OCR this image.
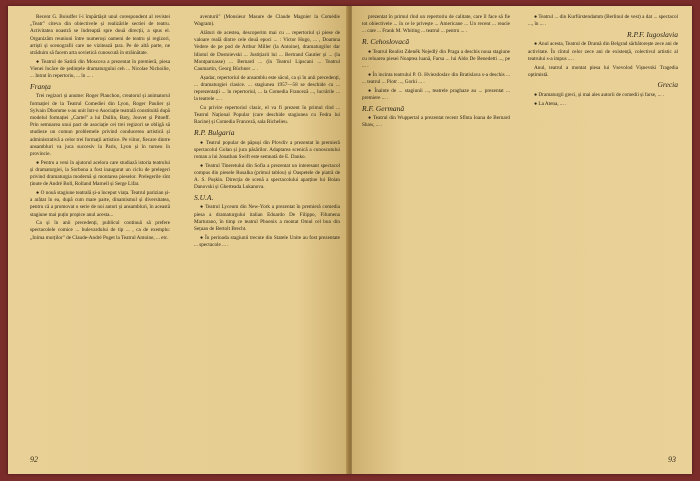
Recent G. Boisdfer î-i împărtășit unul corespondent al revistei „Teatr" citeva din obiectivele și realizările sectiei de teatru. Activitatea noastră se îndreaptă spre două direcții, a spus el. Organizăm reuniuni între numeroși oameni de teatru și regizori, artiști și scenografii care ne vizitează țara. Pe de altă parte, ne străduim să facem arta sovietică cunoscută în străinătate.

● Teatrul de Satiră din Moscova a prezentat în premieră, piesa Vienei încăce de ședințele dramaturgului ceh ... Nicolae Nichoilie, ... Intrat în repertoriu, ... în ... .

Franța

Trei regizori și anume: Roger Planchon, creatorul și animatorul formației de la Teatrul Comediei din Lyon, Roger Paulier și Sylvain Dhomme s-au unit într-o Asociație teatrală constituită după modelul formației „Cartel" a lui Dullin, Baty, Jouvet și Pitoeff. Prin semnarea unui pact de asociație cei trei regizori se obligă să studieze un comun problemele privind conducerea artistică și administrativă a celor trei formații artistice. Pe viitor, fiecare dintre ansambluri va juca succesiv la Paris, Lyon și în turneu în provincie.

● Pentru a veni în ajutorul acelora care studiază istoria teatrului și dramaturgiei, la Sorbona a fost inaugurat un ciclu de prelegeri privind dramaturgia modernă și montarea pieselor. Prelegerile sînt ținute de André Boll, Rolland Marnell și Serge Lifar.

● O nouă stagiune teatrală și-a început viața. Teatrul parizian și-a arătat în ea, după cum mare parte, dinamismul și diversitatea, pentru că a promovat o serie de noi autori și ansambluri, în această stagiune mai puțin propice anul acesta...

Ca și în anii precedenți, publicul continuă să prefere spectacolele comice ... bulevardului de tip ... , ca de exemplu: „Inima morților" de Claude-André Puget la Teatrul Antoine, ... etc.

aventurii" (Monsieur Masure de Claude Magnier la Comédie Wagram).

Alături de acestea, descoperim mai cu ... repertoriul și piese de valoare reală dintre cele două epoci ... : Victor Hugo, ... , Doamna Vedere de pe pod de Arthur Miller (la Antoine), dramaturgilor dar Idiotul de Dostoievski ... Justițiarii lui ... Bertrand Gautier și ... (la Montparnasse) ... Bernard ... (în Teatrul Lipscani ... Teatrul Caumartin, Georg Büchner ... .

Așadar, repertoriul de ansamblu este săcul, ca și în anii precedenți, ... dramaturgiei clasice. ... stagiunea 1957—58 se deschide cu ... reprezentații ... în repertoriul, ... la Comedia Franceză ..., lucrările ... la teatrele ... .

Cu privire repertoriul clasic, el va fi prezent în primul rînd ... Teatrul Național Popular (care deschide stagiunea cu Fedra lui Racine) și Comedia Franceză, sala Richelieu.

R.P. Bulgaria

● Teatrul popular de păpuși din Plovdiv a prezentat în premieră spectacolul Golan și jura păsărilor. Adaptarea scenică a cunoscutului roman a lui Jonathan Swift este semnată de E. Danko.

● Teatrul Tineretului din Sofia a prezentat un interesant spectacol compus din piesele Rusalka (primul tablou) și Oaspetele de piatră de A. S. Pușkin. Direcția de scenă a spectacolului aparține lui Boian Danovski și Gherteada Lukanova.

S.U.A.

● Teatrul Lyceum din New-York a prezentat în premieră comedia piesa a dramaturgului italian Eduardo De Filippo, Filumena Marturano, în timp ce teatrul Phoenix a montat Omul cel bun din Sețuan de Bertolt Brecht.

● În perioada stagiunii trecute din Statele Unite au fost prezentate ... spectacole ... .

92

prezentat în primul rînd un repertoriu de calitate, care îl face să fie tot obiectivele ... în ce le privește ... Americane ... Un recent ... reacie ... care ... Frank M. Whiting ... teatrul ... pentru ... .

R. Cehoslovacă

● Teatrul Realist Zdeněk Nejedlý din Praga a deschis noua stagiune cu reluarea piesei Noaptea luană, Farsa ... lui Aldo De Benedetti ..., pe ... .

● În incinta teatrului P. O. Hviezdoslav din Bratislava s-a deschis ... ... teatrul ... Piotr ..., Gorki ... .

● Înainte de ... stagiunii ..., teatrele praghaze au ... prezentat ... premiere ... .

R.F. Germană

● Teatrul din Wuppertal a prezentat recent Sfînta Ioana de Bernard Shaw, ... .

● Teatrul ... din Kurfürstendamm (Berlinul de vest) a dat ... spectacol ..., în ... .

R.P.F. Iugoslavia

● Anul acesta, Teatrul de Dramă din Belgrad sărbătorește zece ani de activitate. În cîntul celor zece ani de existență, colectivul artistic al teatrului s-a impus ... .

Anul, teatrul a montat piesa lui Vsevolod Vișnevski Tragedia optimistă.

Grecia

● Dramaturgii greci, și mai ales autorii de comedii și farse, ... .

● La Atena, ... .

93
